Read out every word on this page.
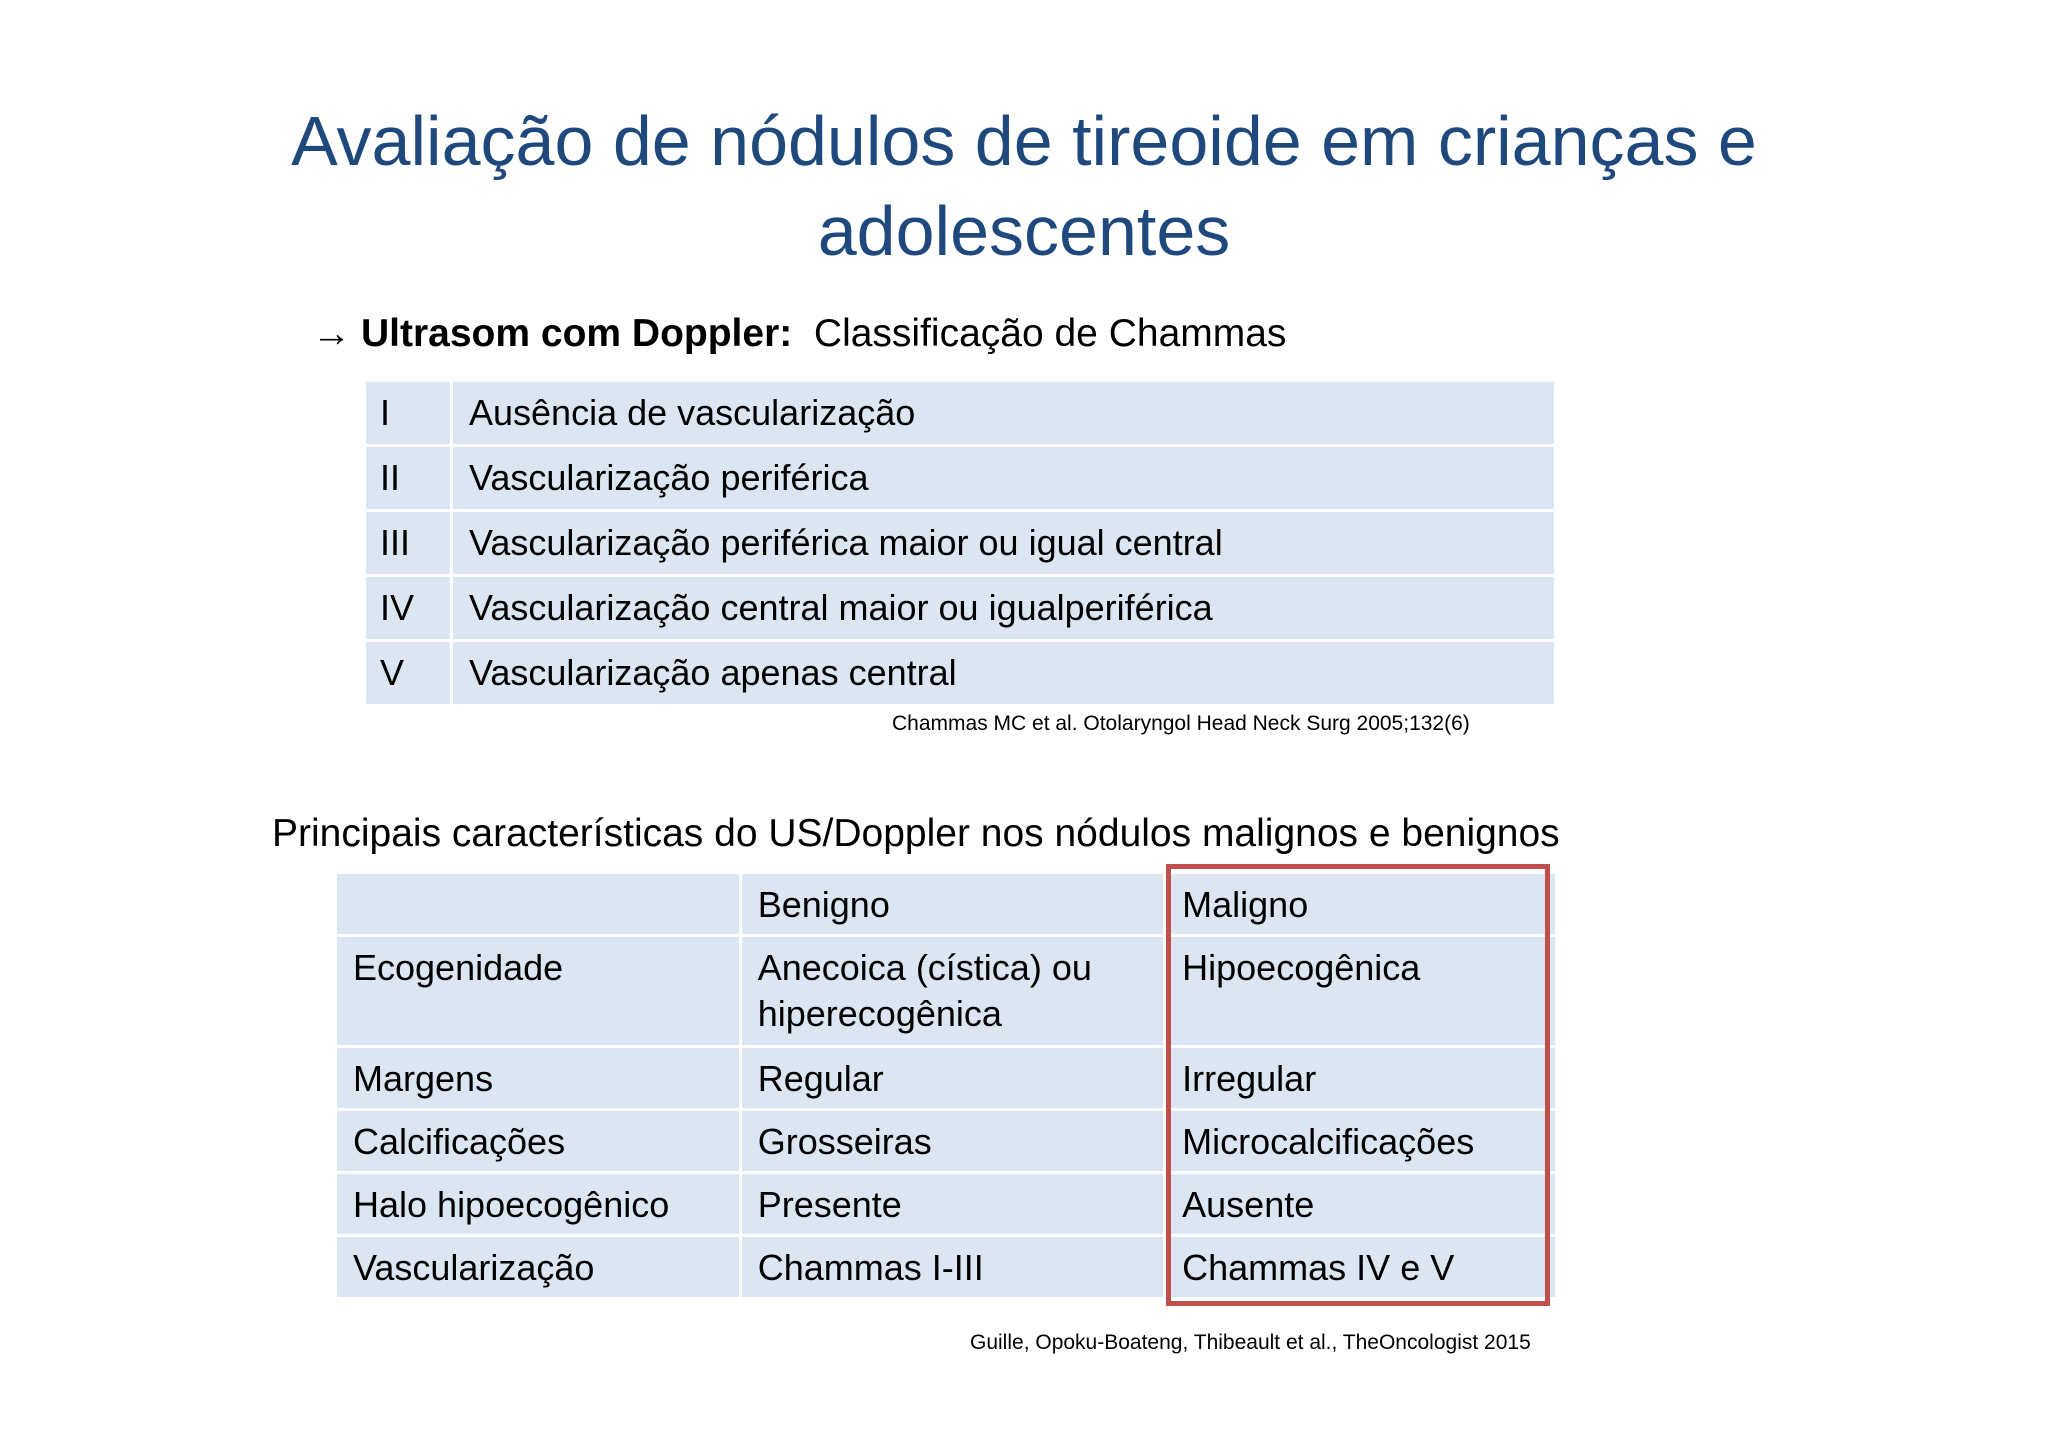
Avaliação de nódulos de tireoide em crianças e adolescentes
→ Ultrasom com Doppler: Classificação de Chammas
I	Ausência de vascularização
II	Vascularização periférica
III	Vascularização periférica maior ou igual central
IV	Vascularização central maior ou igualperiférica
V	Vascularização apenas central
Chammas MC et al. Otolaryngol Head Neck Surg 2005;132(6)
Principais características do US/Doppler nos nódulos malignos e benignos
	Benigno	Maligno
Ecogenidade	Anecoica (cística) ou hiperecogênica	Hipoecogênica
Margens	Regular	Irregular
Calcificações	Grosseiras	Microcalcificações
Halo hipoecogênico	Presente	Ausente
Vascularização	Chammas I-III	Chammas IV e V
Guille, Opoku-Boateng, Thibeault et al., TheOncologist 2015
